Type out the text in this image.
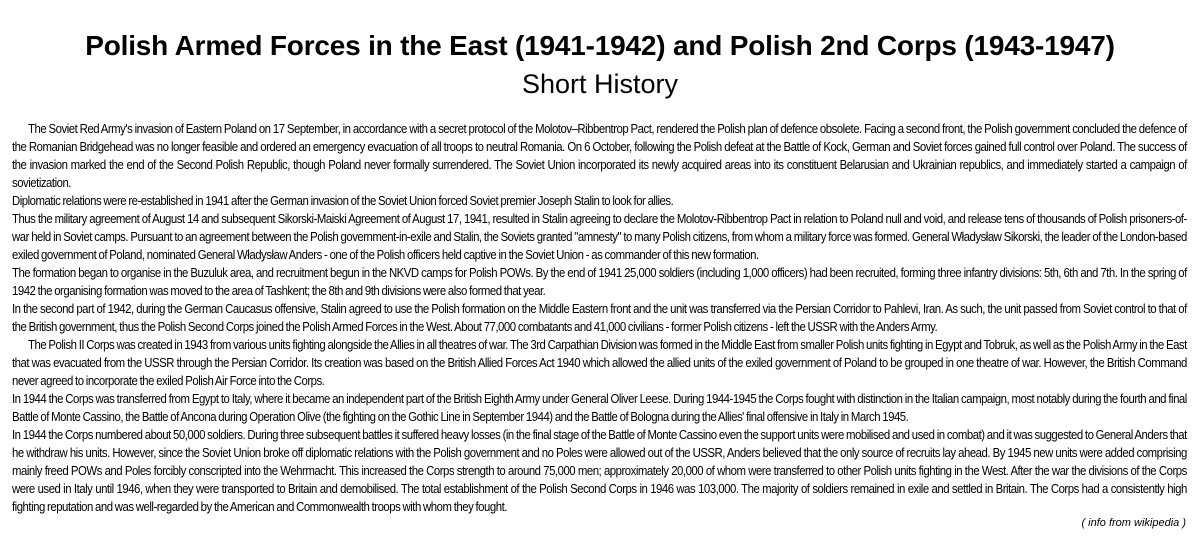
Polish Armed Forces in the East (1941-1942) and Polish 2nd Corps (1943-1947)
Short History

The Soviet Red Army's invasion of Eastern Poland on 17 September, in accordance with a secret protocol of the Molotov–Ribbentrop Pact, rendered the Polish plan of defence obsolete. Facing a second front, the Polish government concluded the defence of the Romanian Bridgehead was no longer feasible and ordered an emergency evacuation of all troops to neutral Romania. On 6 October, following the Polish defeat at the Battle of Kock, German and Soviet forces gained full control over Poland. The success of the invasion marked the end of the Second Polish Republic, though Poland never formally surrendered. The Soviet Union incorporated its newly acquired areas into its constituent Belarusian and Ukrainian republics, and immediately started a campaign of sovietization.

Diplomatic relations were re-established in 1941 after the German invasion of the Soviet Union forced Soviet premier Joseph Stalin to look for allies.

Thus the military agreement of August 14 and subsequent Sikorski-Maiski Agreement of August 17, 1941, resulted in Stalin agreeing to declare the Molotov-Ribbentrop Pact in relation to Poland null and void, and release tens of thousands of Polish prisoners-of-war held in Soviet camps. Pursuant to an agreement between the Polish government-in-exile and Stalin, the Soviets granted "amnesty" to many Polish citizens, from whom a military force was formed. General Władysław Sikorski, the leader of the London-based exiled government of Poland, nominated General Władysław Anders - one of the Polish officers held captive in the Soviet Union - as commander of this new formation.

The formation began to organise in the Buzuluk area, and recruitment begun in the NKVD camps for Polish POWs. By the end of 1941 25,000 soldiers (including 1,000 officers) had been recruited, forming three infantry divisions: 5th, 6th and 7th. In the spring of 1942 the organising formation was moved to the area of Tashkent; the 8th and 9th divisions were also formed that year.

In the second part of 1942, during the German Caucasus offensive, Stalin agreed to use the Polish formation on the Middle Eastern front and the unit was transferred via the Persian Corridor to Pahlevi, Iran. As such, the unit passed from Soviet control to that of the British government, thus the Polish Second Corps joined the Polish Armed Forces in the West. About 77,000 combatants and 41,000 civilians - former Polish citizens - left the USSR with the Anders Army.

The Polish II Corps was created in 1943 from various units fighting alongside the Allies in all theatres of war. The 3rd Carpathian Division was formed in the Middle East from smaller Polish units fighting in Egypt and Tobruk, as well as the Polish Army in the East that was evacuated from the USSR through the Persian Corridor. Its creation was based on the British Allied Forces Act 1940 which allowed the allied units of the exiled government of Poland to be grouped in one theatre of war. However, the British Command never agreed to incorporate the exiled Polish Air Force into the Corps.

In 1944 the Corps was transferred from Egypt to Italy, where it became an independent part of the British Eighth Army under General Oliver Leese. During 1944-1945 the Corps fought with distinction in the Italian campaign, most notably during the fourth and final Battle of Monte Cassino, the Battle of Ancona during Operation Olive (the fighting on the Gothic Line in September 1944) and the Battle of Bologna during the Allies' final offensive in Italy in March 1945.

In 1944 the Corps numbered about 50,000 soldiers. During three subsequent battles it suffered heavy losses (in the final stage of the Battle of Monte Cassino even the support units were mobilised and used in combat) and it was suggested to General Anders that he withdraw his units. However, since the Soviet Union broke off diplomatic relations with the Polish government and no Poles were allowed out of the USSR, Anders believed that the only source of recruits lay ahead. By 1945 new units were added comprising mainly freed POWs and Poles forcibly conscripted into the Wehrmacht. This increased the Corps strength to around 75,000 men; approximately 20,000 of whom were transferred to other Polish units fighting in the West. After the war the divisions of the Corps were used in Italy until 1946, when they were transported to Britain and demobilised. The total establishment of the Polish Second Corps in 1946 was 103,000. The majority of soldiers remained in exile and settled in Britain. The Corps had a consistently high fighting reputation and was well-regarded by the American and Commonwealth troops with whom they fought.

( info from wikipedia )
